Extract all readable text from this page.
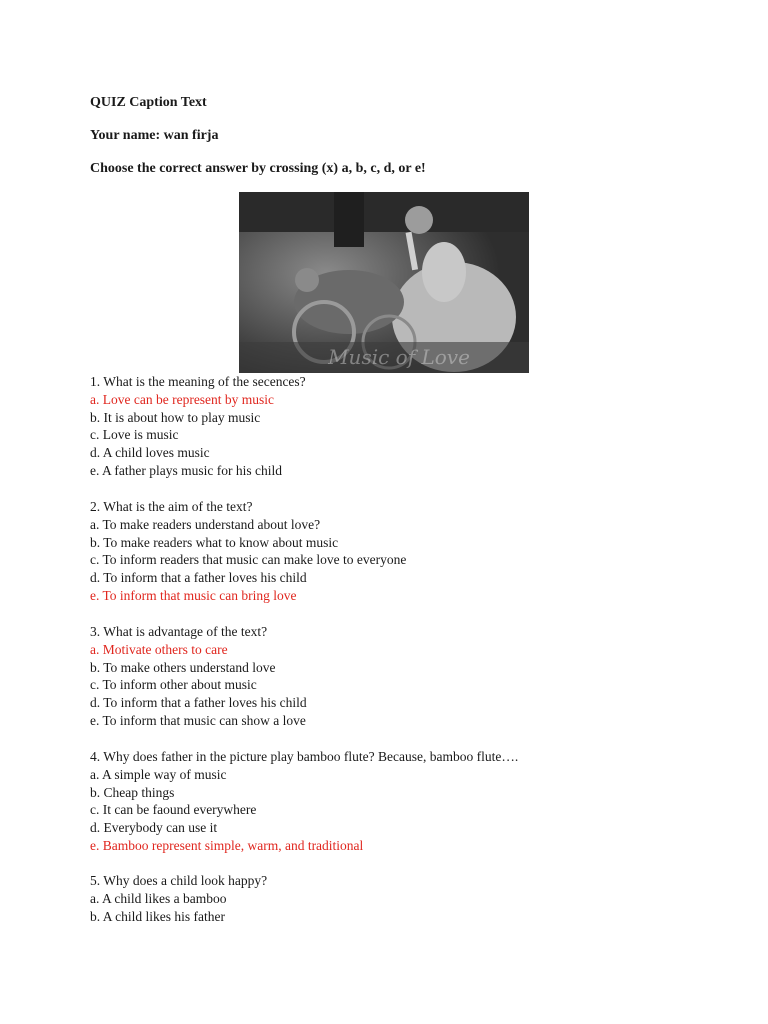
QUIZ Caption Text
Your name: wan firja
Choose the correct answer by crossing (x) a, b, c, d, or e!
Music of Love
1. What is the meaning of the secences?
a. Love can be represent by music
b. It is about how to play music
c. Love is music
d. A child loves music
e. A father plays music for his child
2. What is the aim of the text?
a. To make readers understand about love?
b. To make readers what to know about music
c. To inform readers that music can make love to everyone
d. To inform that a father loves his child
e. To inform that music can bring love
3. What is advantage of the text?
a. Motivate others to care
b. To make others understand love
c. To inform other about music
d. To inform that a father loves his child
e. To inform that music can show a love
4. Why does father in the picture play bamboo flute? Because, bamboo flute….
a. A simple way of music
b. Cheap things
c. It can be faound everywhere
d. Everybody can use it
e. Bamboo represent simple, warm, and traditional
5. Why does a child look happy?
a. A child likes a bamboo
b. A child likes his father
